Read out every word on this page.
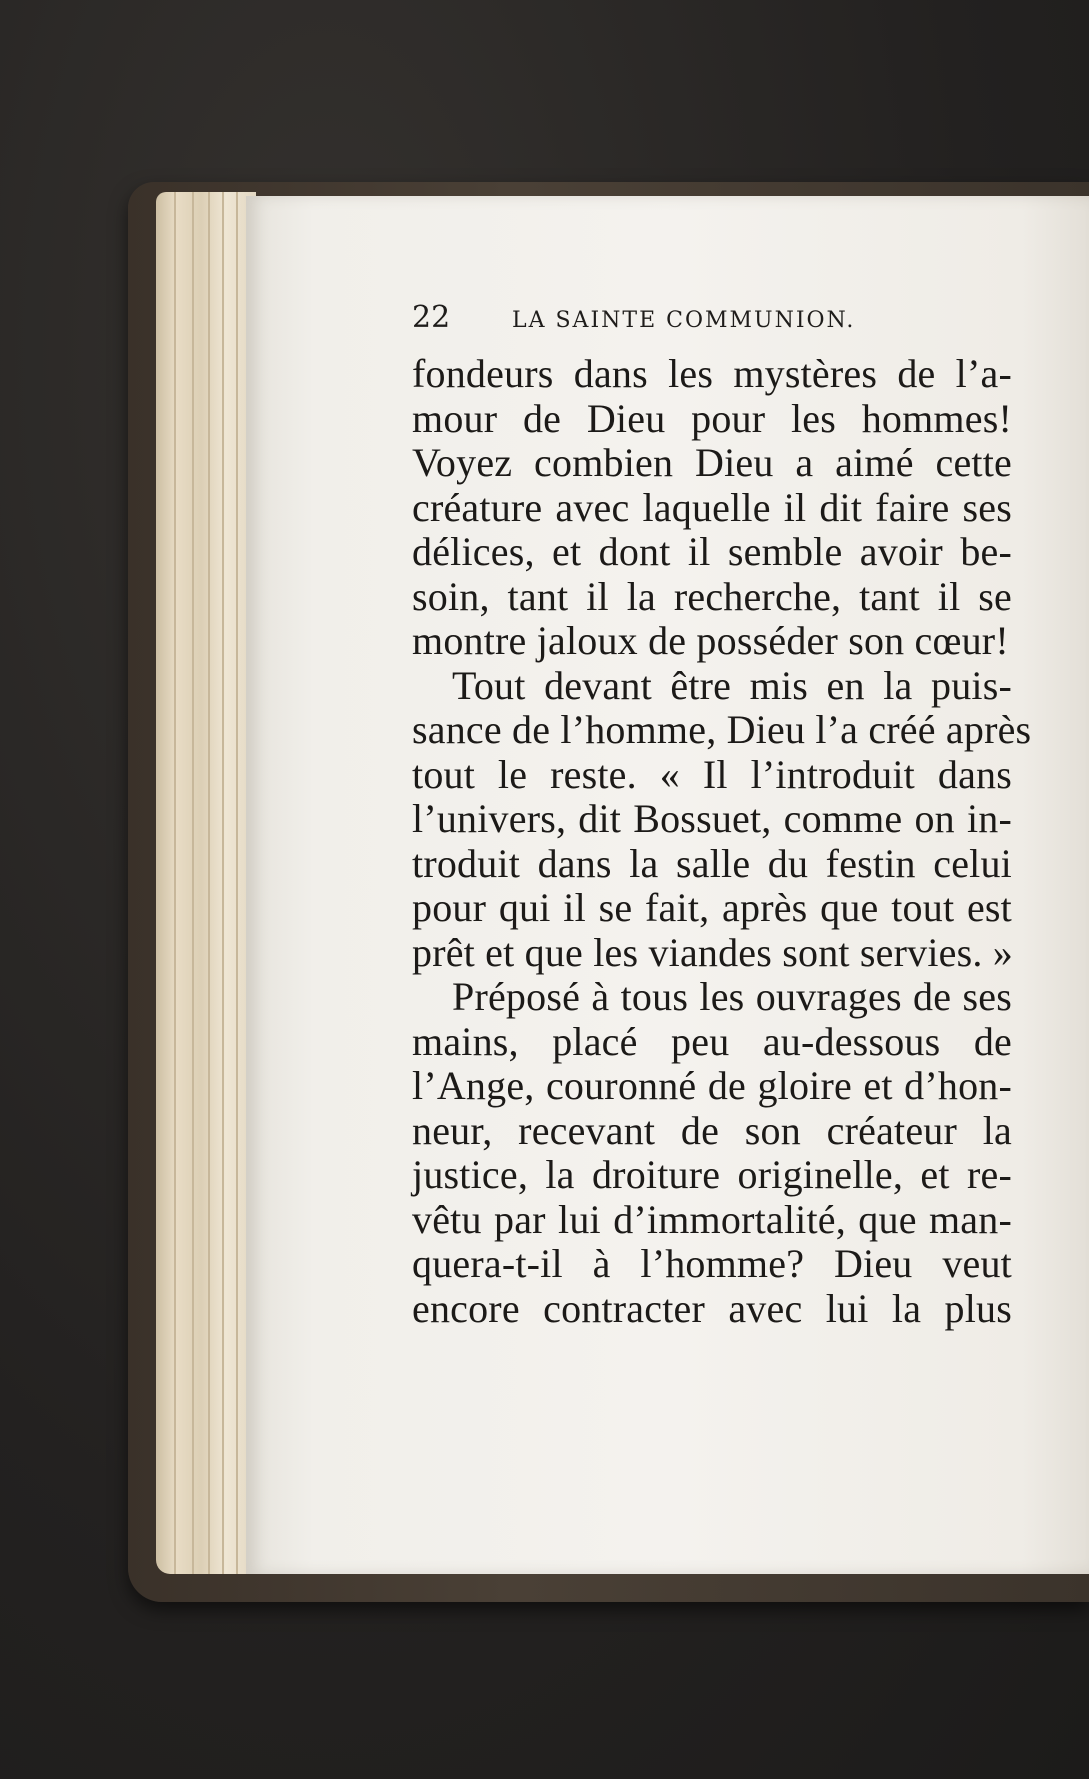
22	LA SAINTE COMMUNION.
fondeurs dans les mystères de l’a-
mour de Dieu pour les hommes!
Voyez combien Dieu a aimé cette
créature avec laquelle il dit faire ses
délices, et dont il semble avoir be-
soin, tant il la recherche, tant il se
montre jaloux de posséder son cœur!
Tout devant être mis en la puis-
sance de l’homme, Dieu l’a créé après
tout le reste. « Il l’introduit dans
l’univers, dit Bossuet, comme on in-
troduit dans la salle du festin celui
pour qui il se fait, après que tout est
prêt et que les viandes sont servies. »
Préposé à tous les ouvrages de ses
mains, placé peu au-dessous de
l’Ange, couronné de gloire et d’hon-
neur, recevant de son créateur la
justice, la droiture originelle, et re-
vêtu par lui d’immortalité, que man-
quera-t-il à l’homme? Dieu veut
encore contracter avec lui la plus
